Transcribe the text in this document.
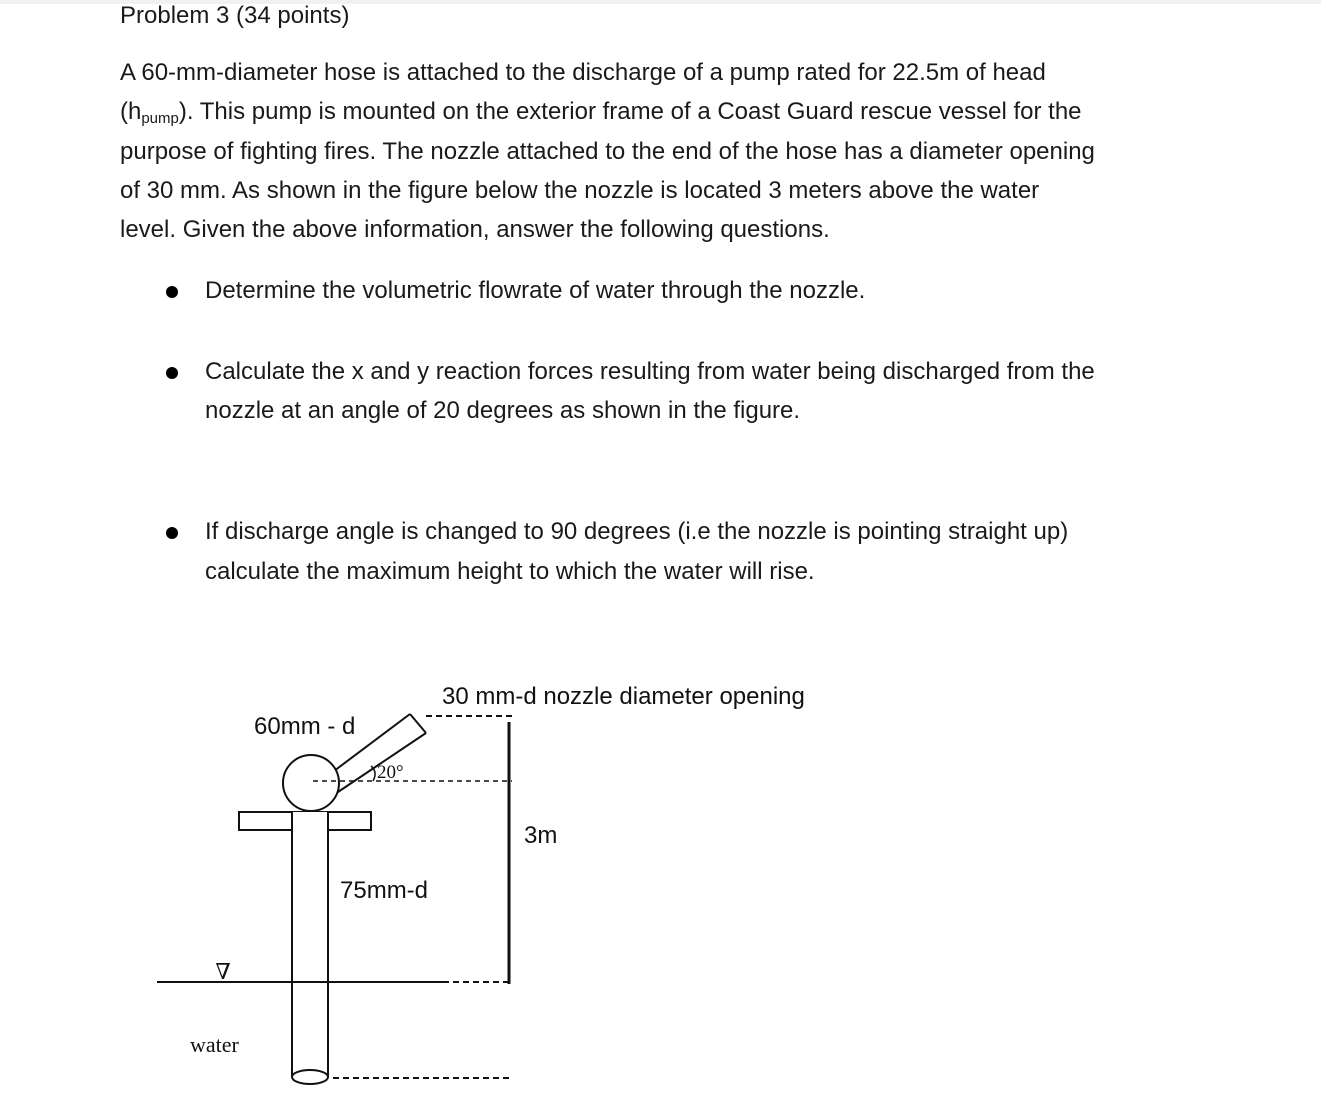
Problem 3 (34 points)
A 60-mm-diameter hose is attached to the discharge of a pump rated for 22.5m of head
(hpump). This pump is mounted on the exterior frame of a Coast Guard rescue vessel for the
purpose of fighting fires. The nozzle attached to the end of the hose has a diameter opening
of 30 mm. As shown in the figure below the nozzle is located 3 meters above the water
level. Given the above information, answer the following questions.
Determine the volumetric flowrate of water through the nozzle.
Calculate the x and y reaction forces resulting from water being discharged from the
nozzle at an angle of 20 degrees as shown in the figure.
If discharge angle is changed to 90 degrees (i.e the nozzle is pointing straight up)
calculate the maximum height to which the water will rise.
∇
20°
30 mm-d nozzle diameter opening
60mm - d
3m
75mm-d
water
